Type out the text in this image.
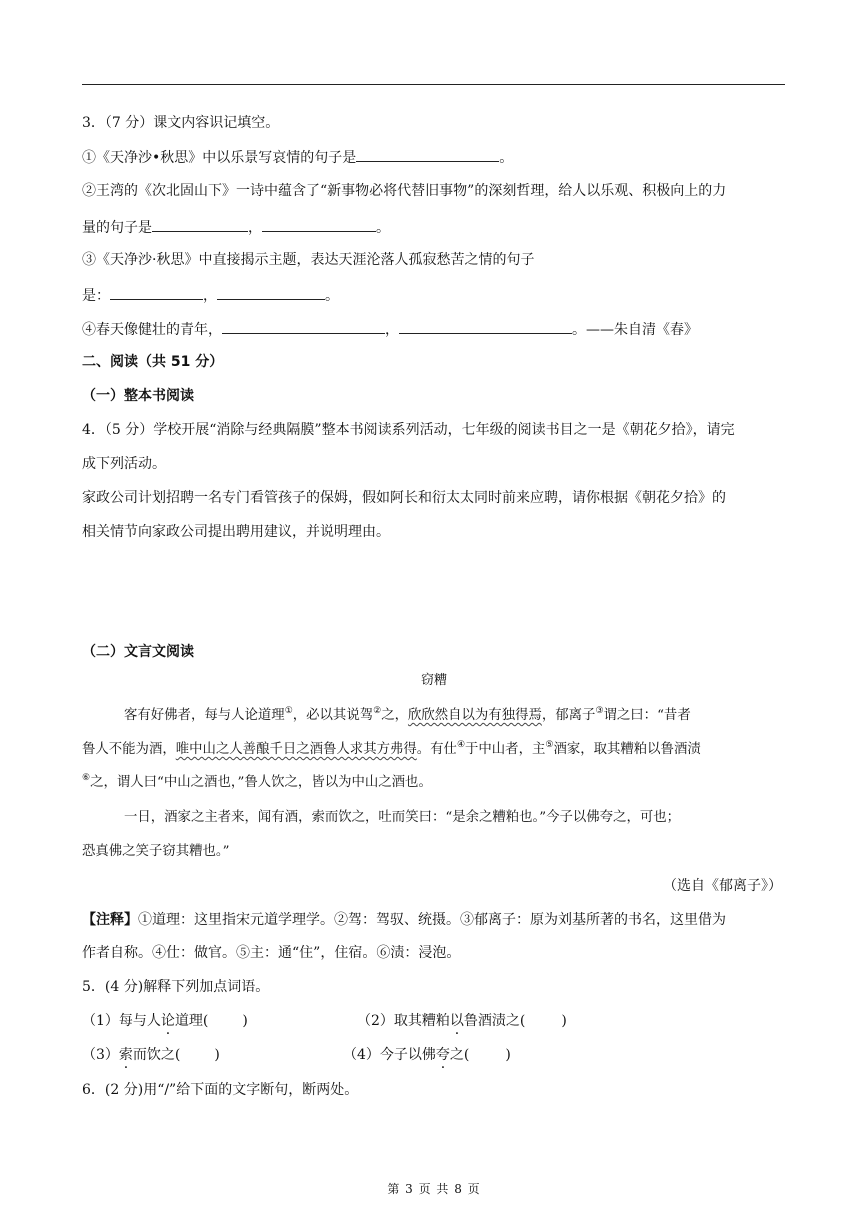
3．（7 分）课文内容识记填空。
①《天净沙•秋思》中以乐景写哀情的句子是	。
②王湾的《次北固山下》一诗中蕴含了“新事物必将代替旧事物”的深刻哲理，给人以乐观、积极向上的力
量的句子是	，	。
③《天净沙·秋思》中直接揭示主题，表达天涯沦落人孤寂愁苦之情的句子
是：	，	。
④春天像健壮的青年，	，	。——朱自清《春》
二、阅读（共 51 分）
（一）整本书阅读
4．（5 分）学校开展“消除与经典隔膜”整本书阅读系列活动，七年级的阅读书目之一是《朝花夕拾》，请完
成下列活动。
家政公司计划招聘一名专门看管孩子的保姆，假如阿长和衍太太同时前来应聘，请你根据《朝花夕拾》的
相关情节向家政公司提出聘用建议，并说明理由。
（二）文言文阅读
窃糟
客有好佛者，每与人论道理①，必以其说驾②之，欣欣然自以为有独得焉，郁离子③谓之曰：“昔者
鲁人不能为酒，唯中山之人善酿千日之酒鲁人求其方弗得。有仕④于中山者，主⑤酒家，取其糟粕以鲁酒渍
⑥之，谓人曰“中山之酒也，”鲁人饮之，皆以为中山之酒也。
一日，酒家之主者来，闻有酒，索而饮之，吐而笑曰：“是余之糟粕也。”今子以佛夸之，可也；
恐真佛之笑子窃其糟也。”
（选自《郁离子》）
【注释】①道理：这里指宋元道学理学。②驾：驾驭、统摄。③郁离子：原为刘基所著的书名，这里借为
作者自称。④仕：做官。⑤主：通“住”，住宿。⑥渍：浸泡。
5．(4 分)解释下列加点词语。
（1）每与人论道理( )	（2）取其糟粕以鲁酒渍之(	)
（3）索而饮之( )	（4）今子以佛夸之(	)
6．(2 分)用“/”给下面的文字断句，断两处。
第 3 页 共 8 页
